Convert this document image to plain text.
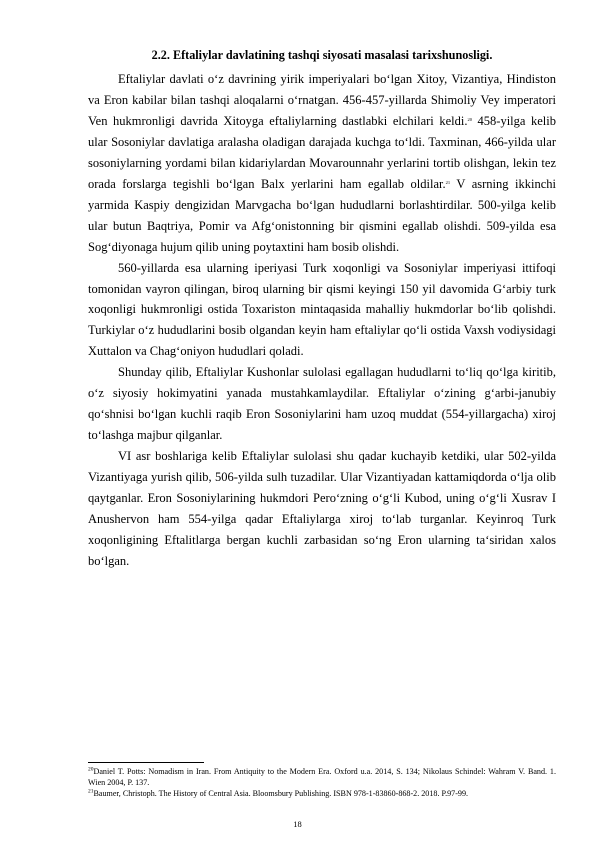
2.2. Eftaliylar davlatining tashqi siyosati masalasi tarixshunosligi.

Eftaliylar davlati o‘z davrining yirik imperiyalari bo‘lgan Xitoy, Vizantiya, Hindiston va Eron kabilar bilan tashqi aloqalarni o‘rnatgan. 456-457-yillarda Shimoliy Vey imperatori Ven hukmronligi davrida Xitoyga eftaliylarning dastlabki elchilari keldi.$^{20}$ 458-yilga kelib ular Sosoniylar davlatiga aralasha oladigan darajada kuchga to‘ldi. Taxminan, 466-yilda ular sosoniylarning yordami bilan kidariylardan Movarounnahr yerlarini tortib olishgan, lekin tez orada forslarga tegishli bo‘lgan Balx yerlarini ham egallab oldilar.$^{21}$ V asrning ikkinchi yarmida Kaspiy dengizidan Marvgacha bo‘lgan hududlarni borlashtirdilar. 500-yilga kelib ular butun Baqtriya, Pomir va Afg‘onistonning bir qismini egallab olishdi. 509-yilda esa Sog‘diyonaga hujum qilib uning poytaxtini ham bosib olishdi.

560-yillarda esa ularning iperiyasi Turk xoqonligi va Sosoniylar imperiyasi ittifoqi tomonidan vayron qilingan, biroq ularning bir qismi keyingi 150 yil davomida G‘arbiy turk xoqonligi hukmronligi ostida Toxariston mintaqasida mahalliy hukmdorlar bo‘lib qolishdi. Turkiylar o‘z hududlarini bosib olgandan keyin ham eftaliylar qo‘li ostida Vaxsh vodiysidagi Xuttalon va Chag‘oniyon hududlari qoladi.

Shunday qilib, Eftaliylar Kushonlar sulolasi egallagan hududlarni to‘liq qo‘lga kiritib, o‘z siyosiy hokimyatini yanada mustahkamlaydilar. Eftaliylar o‘zining g‘arbi-janubiy qo‘shnisi bo‘lgan kuchli raqib Eron Sosoniylarini ham uzoq muddat (554-yillargacha) xiroj to‘lashga majbur qilganlar.

VI asr boshlariga kelib Eftaliylar sulolasi shu qadar kuchayib ketdiki, ular 502-yilda Vizantiyaga yurish qilib, 506-yilda sulh tuzadilar. Ular Vizantiyadan kattamiqdorda o‘lja olib qaytganlar. Eron Sosoniylarining hukmdori Pero‘zning o‘g‘li Kubod, uning o‘g‘li Xusrav I Anushervon ham 554-yilga qadar Eftaliylarga xiroj to‘lab turganlar. Keyinroq Turk xoqonligining Eftalitlarga bergan kuchli zarbasidan so‘ng Eron ularning ta‘siridan xalos bo‘lgan.

$^{20}$Daniel T. Potts: Nomadism in Iran. From Antiquity to the Modern Era. Oxford u.a. 2014, S. 134; Nikolaus Schindel: Wahram V. Band. 1. Wien 2004, P. 137.

$^{21}$Baumer, Christoph. The History of Central Asia. Bloomsbury Publishing. ISBN 978-1-83860-868-2. 2018. P.97-99.

18
